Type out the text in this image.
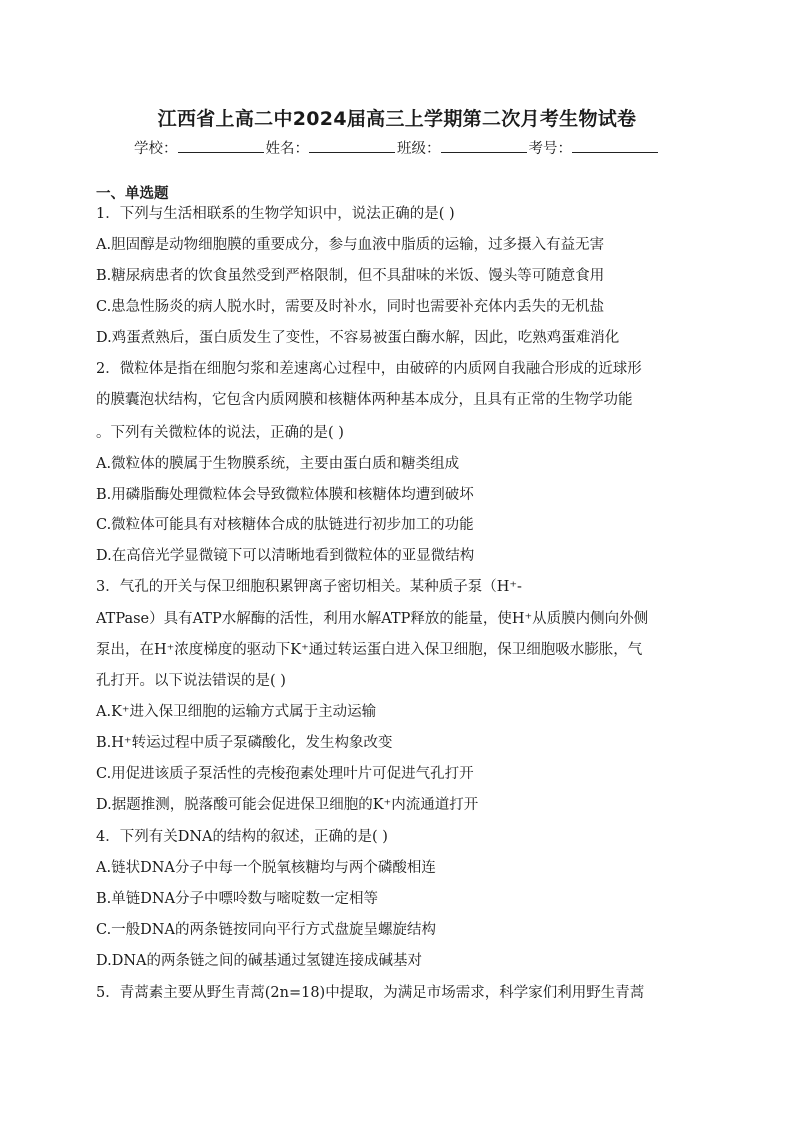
江西省上高二中2024届高三上学期第二次月考生物试卷
学校：	姓名：	班级：	考号：
一、单选题
1．下列与生活相联系的生物学知识中，说法正确的是( )
A.胆固醇是动物细胞膜的重要成分，参与血液中脂质的运输，过多摄入有益无害
B.糖尿病患者的饮食虽然受到严格限制，但不具甜味的米饭、馒头等可随意食用
C.患急性肠炎的病人脱水时，需要及时补水，同时也需要补充体内丢失的无机盐
D.鸡蛋煮熟后，蛋白质发生了变性，不容易被蛋白酶水解，因此，吃熟鸡蛋难消化
2．微粒体是指在细胞匀浆和差速离心过程中，由破碎的内质网自我融合形成的近球形
的膜囊泡状结构，它包含内质网膜和核糖体两种基本成分，且具有正常的生物学功能
。下列有关微粒体的说法，正确的是( )
A.微粒体的膜属于生物膜系统，主要由蛋白质和糖类组成
B.用磷脂酶处理微粒体会导致微粒体膜和核糖体均遭到破坏
C.微粒体可能具有对核糖体合成的肽链进行初步加工的功能
D.在高倍光学显微镜下可以清晰地看到微粒体的亚显微结构
3．气孔的开关与保卫细胞积累钾离子密切相关。某种质子泵（H⁺-
ATPase）具有ATP水解酶的活性，利用水解ATP释放的能量，使H⁺从质膜内侧向外侧
泵出，在H⁺浓度梯度的驱动下K⁺通过转运蛋白进入保卫细胞，保卫细胞吸水膨胀，气
孔打开。以下说法错误的是( )
A.K⁺进入保卫细胞的运输方式属于主动运输
B.H⁺转运过程中质子泵磷酸化，发生构象改变
C.用促进该质子泵活性的壳梭孢素处理叶片可促进气孔打开
D.据题推测，脱落酸可能会促进保卫细胞的K⁺内流通道打开
4．下列有关DNA的结构的叙述，正确的是( )
A.链状DNA分子中每一个脱氧核糖均与两个磷酸相连
B.单链DNA分子中嘌呤数与嘧啶数一定相等
C.一般DNA的两条链按同向平行方式盘旋呈螺旋结构
D.DNA的两条链之间的碱基通过氢键连接成碱基对
5．青蒿素主要从野生青蒿(2n=18)中提取，为满足市场需求，科学家们利用野生青蒿
